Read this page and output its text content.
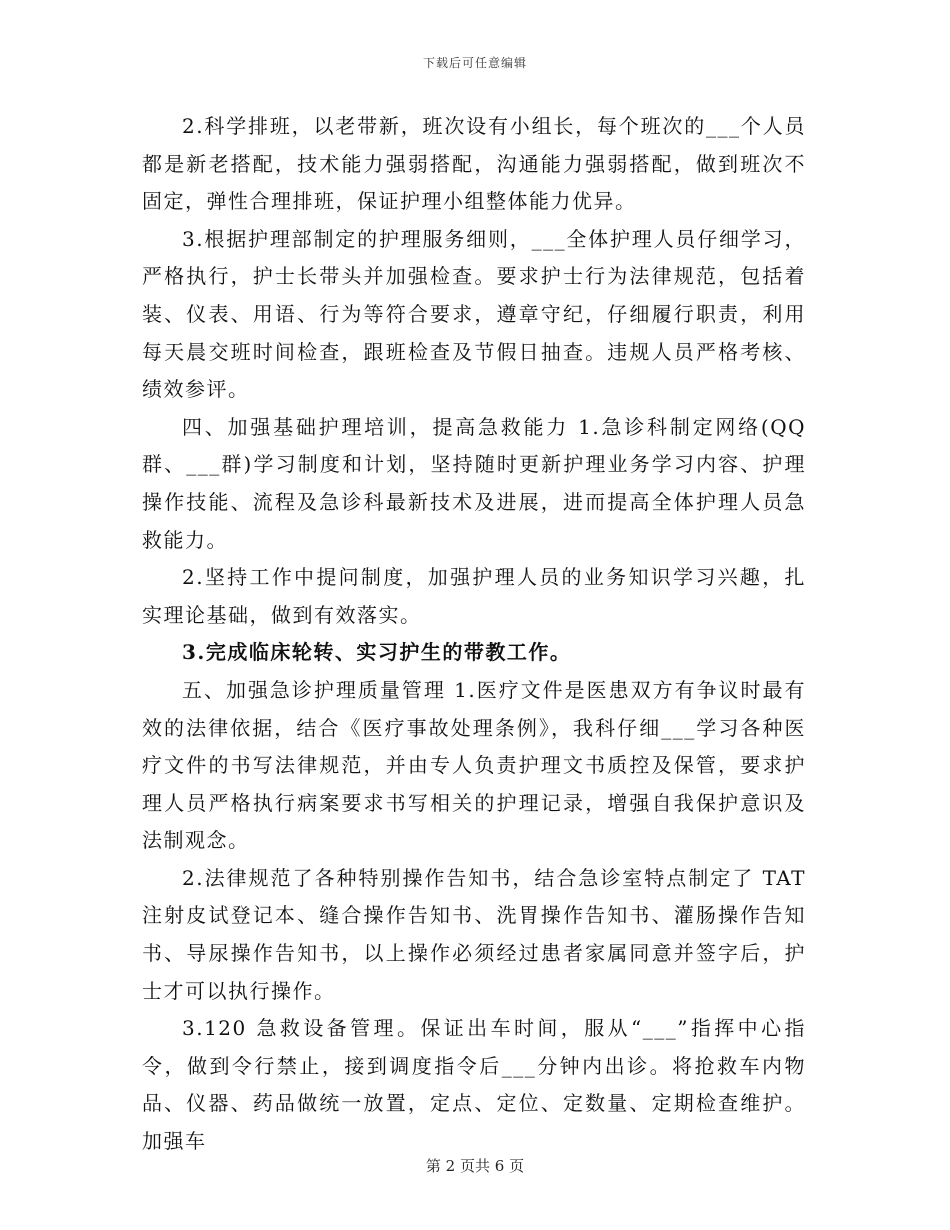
下载后可任意编辑

2.科学排班，以老带新，班次设有小组长，每个班次的___个人员都是新老搭配，技术能力强弱搭配，沟通能力强弱搭配，做到班次不固定，弹性合理排班，保证护理小组整体能力优异。

3.根据护理部制定的护理服务细则，___全体护理人员仔细学习，严格执行，护士长带头并加强检查。要求护士行为法律规范，包括着装、仪表、用语、行为等符合要求，遵章守纪，仔细履行职责，利用每天晨交班时间检查，跟班检查及节假日抽查。违规人员严格考核、绩效参评。

四、加强基础护理培训，提高急救能力 1.急诊科制定网络(QQ群、___群)学习制度和计划，坚持随时更新护理业务学习内容、护理操作技能、流程及急诊科最新技术及进展，进而提高全体护理人员急救能力。

2.坚持工作中提问制度，加强护理人员的业务知识学习兴趣，扎实理论基础，做到有效落实。

3.完成临床轮转、实习护生的带教工作。

五、加强急诊护理质量管理 1.医疗文件是医患双方有争议时最有效的法律依据，结合《医疗事故处理条例》，我科仔细___学习各种医疗文件的书写法律规范，并由专人负责护理文书质控及保管，要求护理人员严格执行病案要求书写相关的护理记录，增强自我保护意识及法制观念。

2.法律规范了各种特别操作告知书，结合急诊室特点制定了 TAT 注射皮试登记本、缝合操作告知书、洗胃操作告知书、灌肠操作告知书、导尿操作告知书，以上操作必须经过患者家属同意并签字后，护士才可以执行操作。

3.120 急救设备管理。保证出车时间，服从“___”指挥中心指令，做到令行禁止，接到调度指令后___分钟内出诊。将抢救车内物品、仪器、药品做统一放置，定点、定位、定数量、定期检查维护。加强车

第 2 页共 6 页
